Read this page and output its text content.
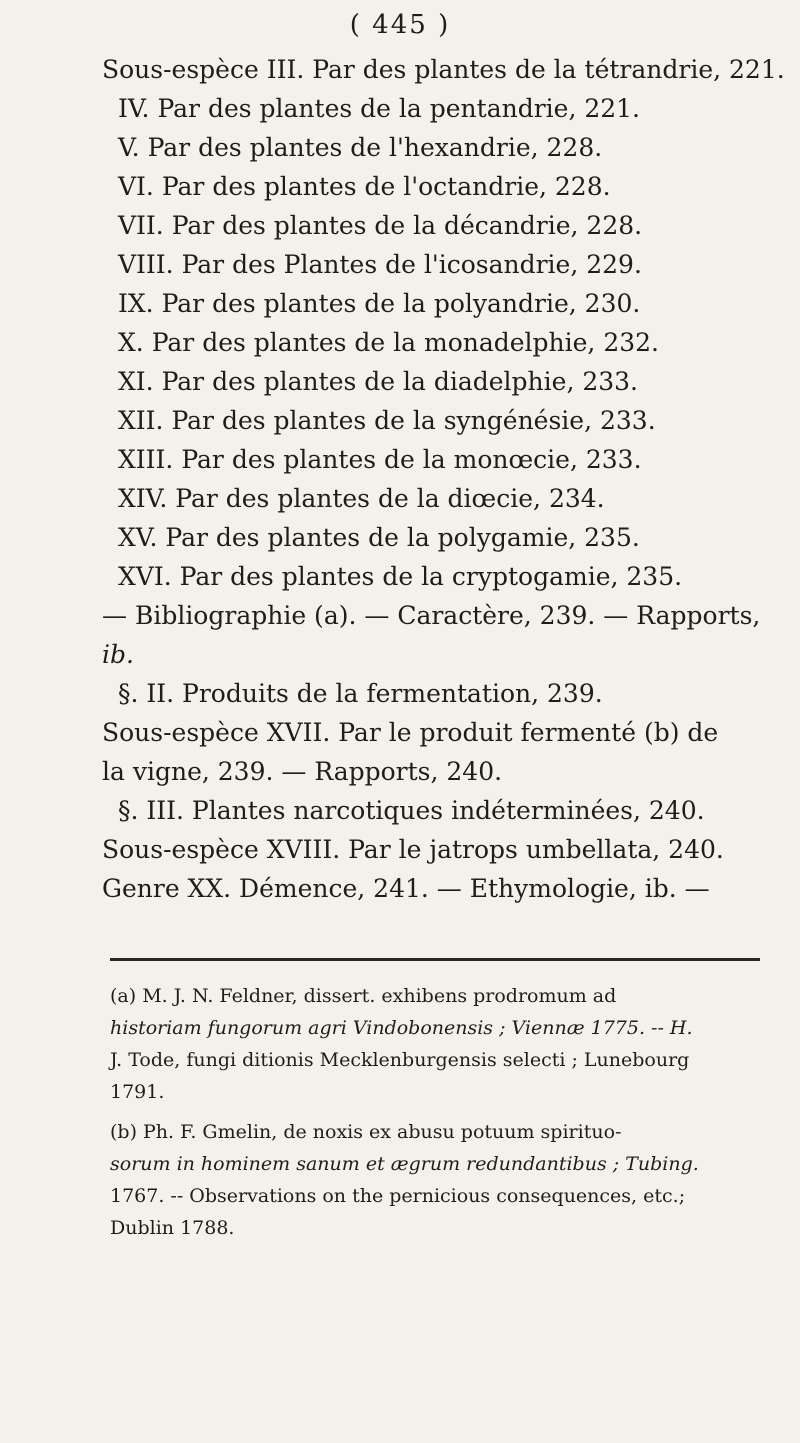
( 445 )
Sous-espèce III. Par des plantes de la tétrandrie, 221.
IV. Par des plantes de la pentandrie, 221.
V. Par des plantes de l'hexandrie, 228.
VI. Par des plantes de l'octandrie, 228.
VII. Par des plantes de la décandrie, 228.
VIII. Par des Plantes de l'icosandrie, 229.
IX. Par des plantes de la polyandrie, 230.
X. Par des plantes de la monadelphie, 232.
XI. Par des plantes de la diadelphie, 233.
XII. Par des plantes de la syngénésie, 233.
XIII. Par des plantes de la monœcie, 233.
XIV. Par des plantes de la diœcie, 234.
XV. Par des plantes de la polygamie, 235.
XVI. Par des plantes de la cryptogamie, 235.
— Bibliographie (a). — Caractère, 239. — Rapports,
ib.
§. II. Produits de la fermentation, 239.
Sous-espèce XVII. Par le produit fermenté (b) de
la vigne, 239. — Rapports, 240.
§. III. Plantes narcotiques indéterminées, 240.
Sous-espèce XVIII. Par le jatrops umbellata, 240.
Genre XX. Démence, 241. — Ethymologie, ib. —
(a) M. J. N. Feldner, dissert. exhibens prodromum ad
historiam fungorum agri Vindobonensis ; Viennæ 1775. -- H.
J. Tode, fungi ditionis Mecklenburgensis selecti ; Lunebourg
1791.
(b) Ph. F. Gmelin, de noxis ex abusu potuum spirituo-
sorum in hominem sanum et ægrum redundantibus ; Tubing.
1767. -- Observations on the pernicious consequences, etc.;
Dublin 1788.
